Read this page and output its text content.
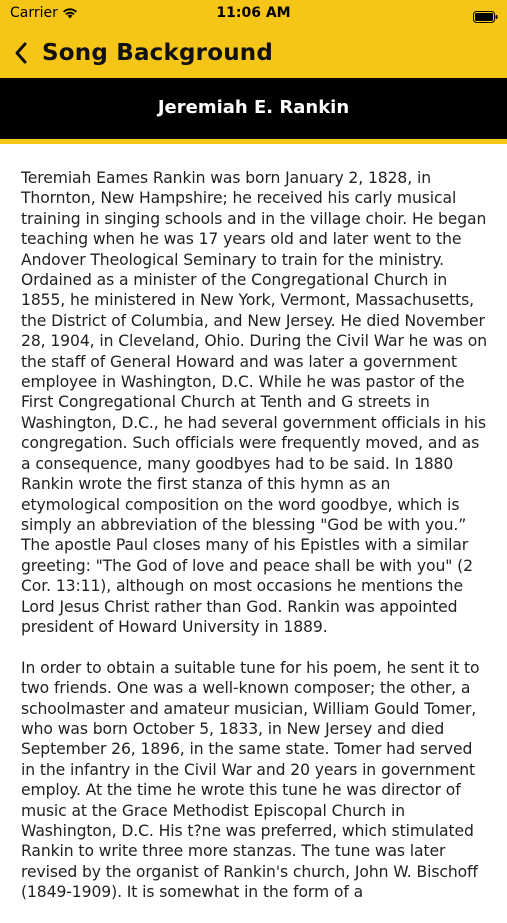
Carrier	11:06 AM
Song Background
Jeremiah E. Rankin

Teremiah Eames Rankin was born January 2, 1828, in Thornton, New Hampshire; he received his carly musical training in singing schools and in the village choir. He began teaching when he was 17 years old and later went to the Andover Theological Seminary to train for the ministry. Ordained as a minister of the Congregational Church in 1855, he ministered in New York, Vermont, Massachusetts, the District of Columbia, and New Jersey. He died November 28, 1904, in Cleveland, Ohio. During the Civil War he was on the staff of General Howard and was later a government employee in Washington, D.C. While he was pastor of the First Congregational Church at Tenth and G streets in Washington, D.C., he had several government officials in his congregation. Such officials were frequently moved, and as a consequence, many goodbyes had to be said. In 1880 Rankin wrote the first stanza of this hymn as an etymological composition on the word goodbye, which is simply an abbreviation of the blessing "God be with you.” The apostle Paul closes many of his Epistles with a similar greeting: "The God of love and peace shall be with you" (2 Cor. 13:11), although on most occasions he mentions the Lord Jesus Christ rather than God. Rankin was appointed president of Howard University in 1889.

In order to obtain a suitable tune for his poem, he sent it to two friends. One was a well-known composer; the other, a schoolmaster and amateur musician, William Gould Tomer, who was born October 5, 1833, in New Jersey and died September 26, 1896, in the same state. Tomer had served in the infantry in the Civil War and 20 years in government employ. At the time he wrote this tune he was director of music at the Grace Methodist Episcopal Church in Washington, D.C. His t?ne was preferred, which stimulated Rankin to write three more stanzas. The tune was later revised by the organist of Rankin's church, John W. Bischoff (1849-1909). It is somewhat in the form of a
